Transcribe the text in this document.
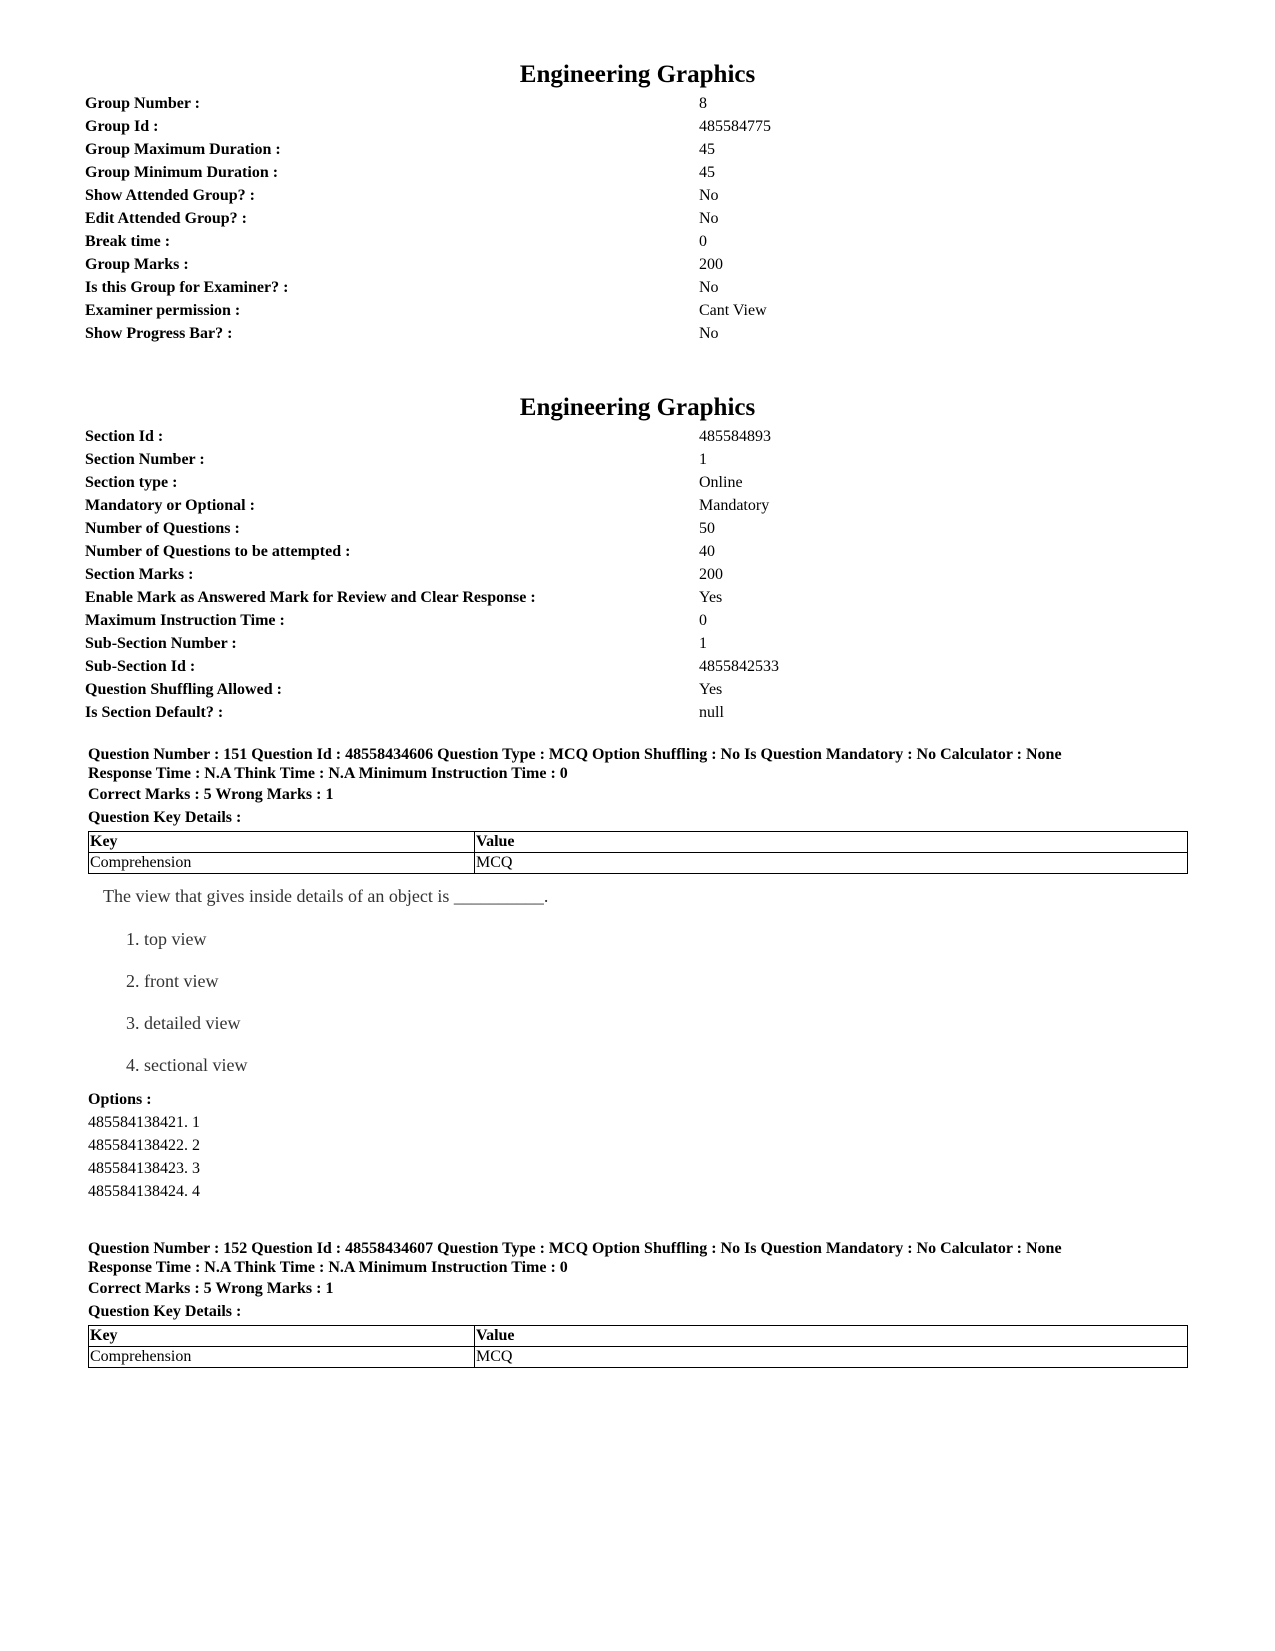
Engineering Graphics
Group Number :	8
Group Id :	485584775
Group Maximum Duration :	45
Group Minimum Duration :	45
Show Attended Group? :	No
Edit Attended Group? :	No
Break time :	0
Group Marks :	200
Is this Group for Examiner? :	No
Examiner permission :	Cant View
Show Progress Bar? :	No
Engineering Graphics
Section Id :	485584893
Section Number :	1
Section type :	Online
Mandatory or Optional :	Mandatory
Number of Questions :	50
Number of Questions to be attempted :	40
Section Marks :	200
Enable Mark as Answered Mark for Review and Clear Response :	Yes
Maximum Instruction Time :	0
Sub-Section Number :	1
Sub-Section Id :	4855842533
Question Shuffling Allowed :	Yes
Is Section Default? :	null

Question Number : 151 Question Id : 48558434606 Question Type : MCQ Option Shuffling : No Is Question Mandatory : No Calculator : None

Response Time : N.A Think Time : N.A Minimum Instruction Time : 0

Correct Marks : 5 Wrong Marks : 1

Question Key Details :

Key	Value
Comprehension	MCQ
The view that gives inside details of an object is __________.
1. top view
2. front view
3. detailed view
4. sectional view
Options :
485584138421. 1
485584138422. 2
485584138423. 3
485584138424. 4

Question Number : 152 Question Id : 48558434607 Question Type : MCQ Option Shuffling : No Is Question Mandatory : No Calculator : None

Response Time : N.A Think Time : N.A Minimum Instruction Time : 0

Correct Marks : 5 Wrong Marks : 1

Question Key Details :

Key	Value
Comprehension	MCQ
